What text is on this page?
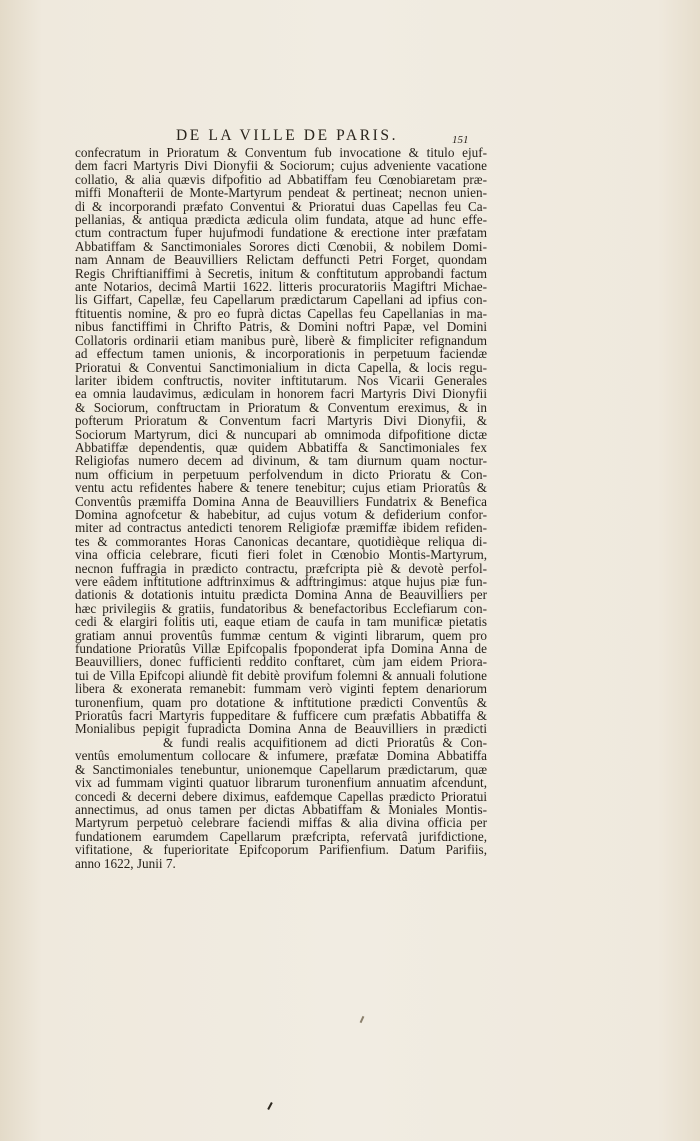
DE LA VILLE DE PARIS.	151
confecratum in Prioratum & Conventum fub invocatione & titulo ejuf-
dem facri Martyris Divi Dionyfii & Sociorum; cujus adveniente vacatione
collatio, & alia quævis difpofitio ad Abbatiffam feu Cœnobiaretam præ-
miffi Monafterii de Monte-Martyrum pendeat & pertineat; necnon unien-
di & incorporandi præfato Conventui & Prioratui duas Capellas feu Ca-
pellanias, & antiqua prædicta ædicula olim fundata, atque ad hunc effe-
ctum contractum fuper hujufmodi fundatione & erectione inter præfatam
Abbatiffam & Sanctimoniales Sorores dicti Cœnobii, & nobilem Domi-
nam Annam de Beauvilliers Relictam deffuncti Petri Forget, quondam
Regis Chriftianiffimi à Secretis, initum & conftitutum approbandi factum
ante Notarios, decimâ Martii 1622. litteris procuratoriis Magiftri Michae-
lis Giffart, Capellæ, feu Capellarum prædictarum Capellani ad ipfius con-
ftituentis nomine, & pro eo fuprà dictas Capellas feu Capellanias in ma-
nibus fanctiffimi in Chrifto Patris, & Domini noftri Papæ, vel Domini
Collatoris ordinarii etiam manibus purè, liberè & fimpliciter refignandum
ad effectum tamen unionis, & incorporationis in perpetuum faciendæ
Prioratui & Conventui Sanctimonialium in dicta Capella, & locis regu-
lariter ibidem conftructis, noviter inftitutarum. Nos Vicarii Generales
ea omnia laudavimus, ædiculam in honorem facri Martyris Divi Dionyfii
& Sociorum, conftructam in Prioratum & Conventum ereximus, & in
pofterum Prioratum & Conventum facri Martyris Divi Dionyfii, &
Sociorum Martyrum, dici & nuncupari ab omnimoda difpofitione dictæ
Abbatiffæ dependentis, quæ quidem Abbatiffa & Sanctimoniales fex
Religiofas numero decem ad divinum, & tam diurnum quam noctur-
num officium in perpetuum perfolvendum in dicto Prioratu & Con-
ventu actu refidentes habere & tenere tenebitur; cujus etiam Prioratûs &
Conventûs præmiffa Domina Anna de Beauvilliers Fundatrix & Benefica
Domina agnofcetur & habebitur, ad cujus votum & defiderium confor-
miter ad contractus antedicti tenorem Religiofæ præmiffæ ibidem refiden-
tes & commorantes Horas Canonicas decantare, quotidièque reliqua di-
vina officia celebrare, ficuti fieri folet in Cœnobio Montis-Martyrum,
necnon fuffragia in prædicto contractu, præfcripta piè & devotè perfol-
vere eâdem inftitutione adftrinximus & adftringimus: atque hujus piæ fun-
dationis & dotationis intuitu prædicta Domina Anna de Beauvilliers per
hæc privilegiis & gratiis, fundatoribus & benefactoribus Ecclefiarum con-
cedi & elargiri folitis uti, eaque etiam de caufa in tam munificæ pietatis
gratiam annui proventûs fummæ centum & viginti librarum, quem pro
fundatione Prioratûs Villæ Epifcopalis fpoponderat ipfa Domina Anna de
Beauvilliers, donec fufficienti reddito conftaret, cùm jam eidem Priora-
tui de Villa Epifcopi aliundè fit debitè provifum folemni & annuali folutione
libera & exonerata remanebit: fummam verò viginti feptem denariorum
turonenfium, quam pro dotatione & inftitutione prædicti Conventûs &
Prioratûs facri Martyris fuppeditare & fufficere cum præfatis Abbatiffa &
Monialibus pepigit fupradicta Domina Anna de Beauvilliers in prædicti
& fundi realis acquifitionem ad dicti Prioratûs & Con-
ventûs emolumentum collocare & infumere, præfatæ Domina Abbatiffa
& Sanctimoniales tenebuntur, unionemque Capellarum prædictarum, quæ
vix ad fummam viginti quatuor librarum turonenfium annuatim afcendunt,
concedi & decerni debere diximus, eafdemque Capellas prædicto Prioratui
annectimus, ad onus tamen per dictas Abbatiffam & Moniales Montis-
Martyrum perpetuò celebrare faciendi miffas & alia divina officia per
fundationem earumdem Capellarum præfcripta, refervatâ jurifdictione,
vifitatione, & fuperioritate Epifcoporum Parifienfium. Datum Parifiis,
anno 1622, Junii 7.
